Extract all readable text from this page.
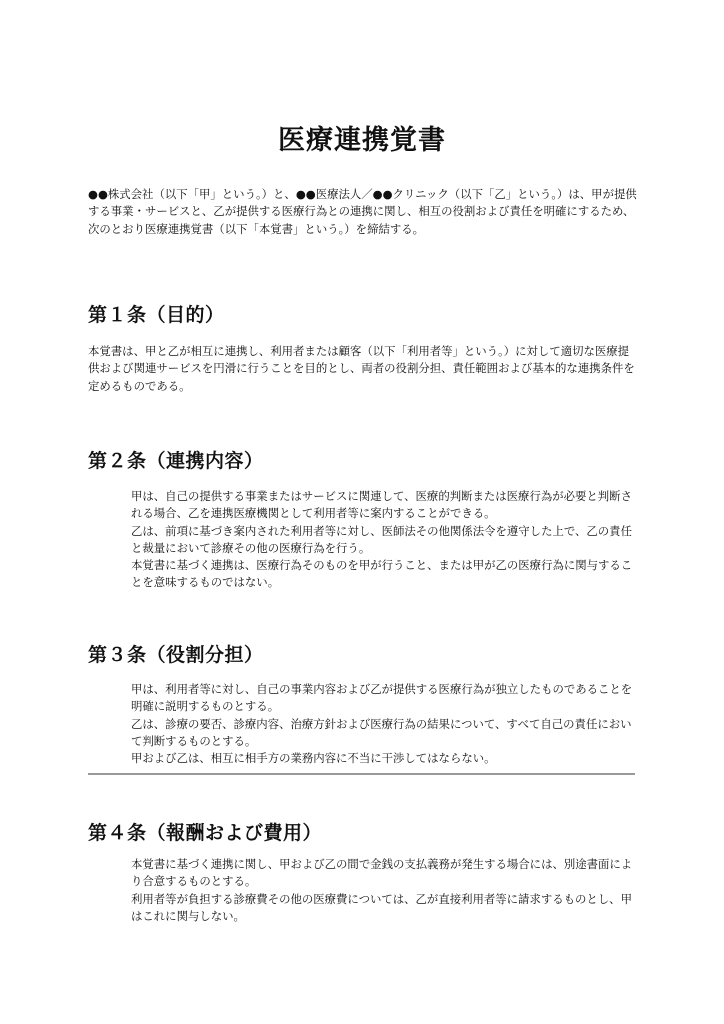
医療連携覚書

●●株式会社（以下「甲」という。）と、●●医療法人／●●クリニック（以下「乙」という。）は、甲が提供する事業・サービスと、乙が提供する医療行為との連携に関し、相互の役割および責任を明確にするため、次のとおり医療連携覚書（以下「本覚書」という。）を締結する。

第１条（目的）

本覚書は、甲と乙が相互に連携し、利用者または顧客（以下「利用者等」という。）に対して適切な医療提供および関連サービスを円滑に行うことを目的とし、両者の役割分担、責任範囲および基本的な連携条件を定めるものである。

第２条（連携内容）

甲は、自己の提供する事業またはサービスに関連して、医療的判断または医療行為が必要と判断される場合、乙を連携医療機関として利用者等に案内することができる。

乙は、前項に基づき案内された利用者等に対し、医師法その他関係法令を遵守した上で、乙の責任と裁量において診療その他の医療行為を行う。

本覚書に基づく連携は、医療行為そのものを甲が行うこと、または甲が乙の医療行為に関与することを意味するものではない。

第３条（役割分担）

甲は、利用者等に対し、自己の事業内容および乙が提供する医療行為が独立したものであることを明確に説明するものとする。

乙は、診療の要否、診療内容、治療方針および医療行為の結果について、すべて自己の責任において判断するものとする。

甲および乙は、相互に相手方の業務内容に不当に干渉してはならない。

第４条（報酬および費用）

本覚書に基づく連携に関し、甲および乙の間で金銭の支払義務が発生する場合には、別途書面により合意するものとする。

利用者等が負担する診療費その他の医療費については、乙が直接利用者等に請求するものとし、甲はこれに関与しない。
